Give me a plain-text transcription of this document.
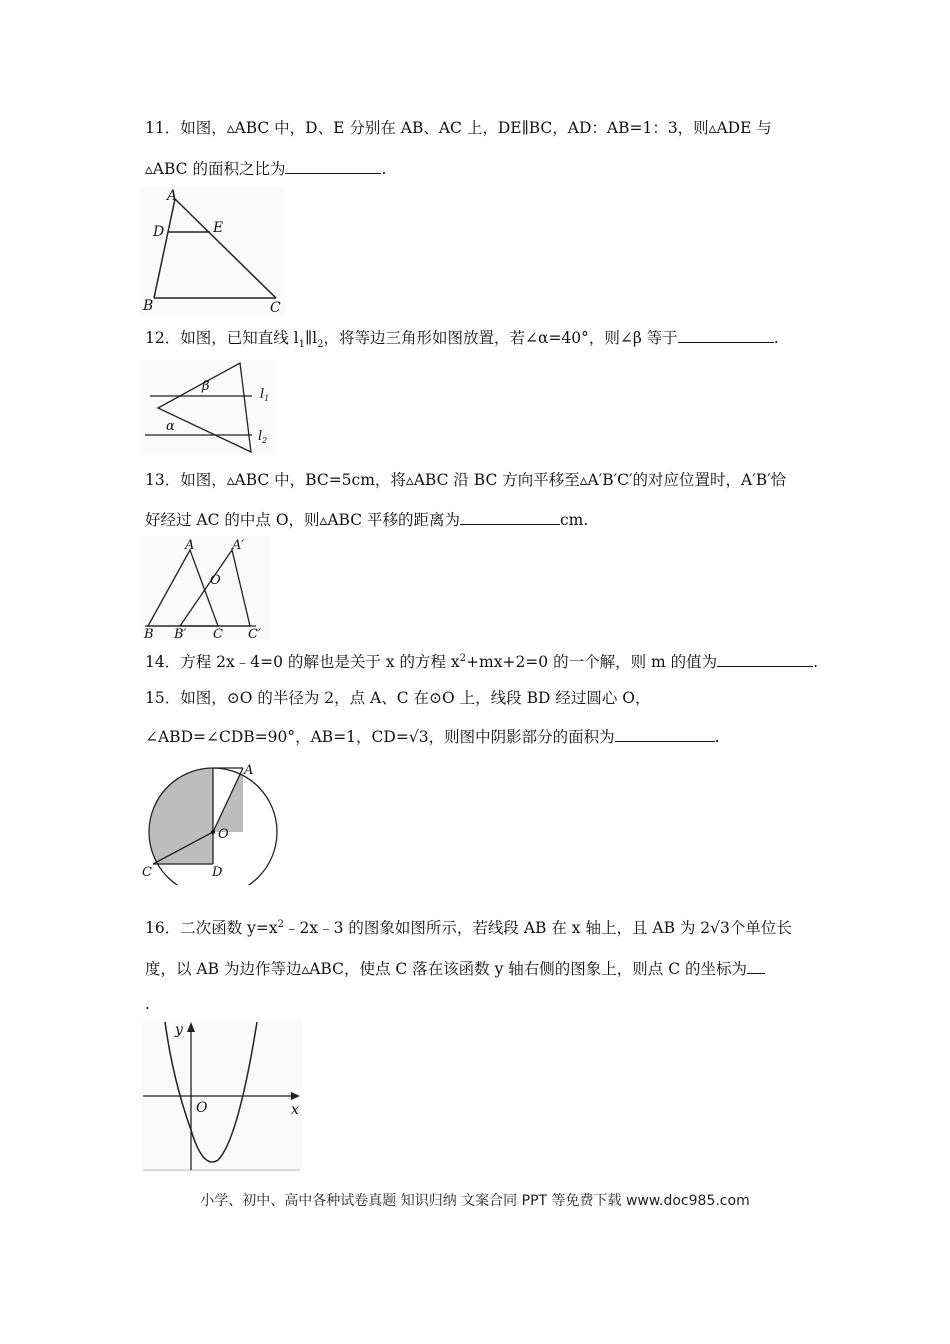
11．如图，▵ABC 中，D、E 分别在 AB、AC 上，DE∥BC，AD：AB=1：3，则▵ADE 与
▵ABC 的面积之比为	.
A
D	E
B	C
12．如图，已知直线 $l_1\parallel l_2$，将等边三角形如图放置，若∠α=40°，则∠β 等于	.
β
α
$l_1$
$l_2$
13．如图，▵ABC 中，BC=5cm，将▵ABC 沿 BC 方向平移至▵A′B′C′的对应位置时，A′B′恰
好经过 AC 的中点 O，则▵ABC 平移的距离为	cm.
A	A′
O
B B′ C C′
14．方程 2x﹣4=0 的解也是关于 x 的方程 $x^2+mx+2=0$ 的一个解，则 m 的值为	.
15．如图，⊙O 的半径为 2，点 A、C 在⊙O 上，线段 BD 经过圆心 O，
∠ABD=∠CDB=90°，AB=1，CD=√3，则图中阴影部分的面积为	.
A
O
C	D
16．二次函数 $y=x^2﹣2x﹣3$ 的图象如图所示，若线段 AB 在 x 轴上，且 AB 为 2√3个单位长
度，以 AB 为边作等边▵ABC，使点 C 落在该函数 y 轴右侧的图象上，则点 C 的坐标为
.
y
x
O
小学、初中、高中各种试卷真题 知识归纳 文案合同 PPT 等免费下载 www.doc985.com
